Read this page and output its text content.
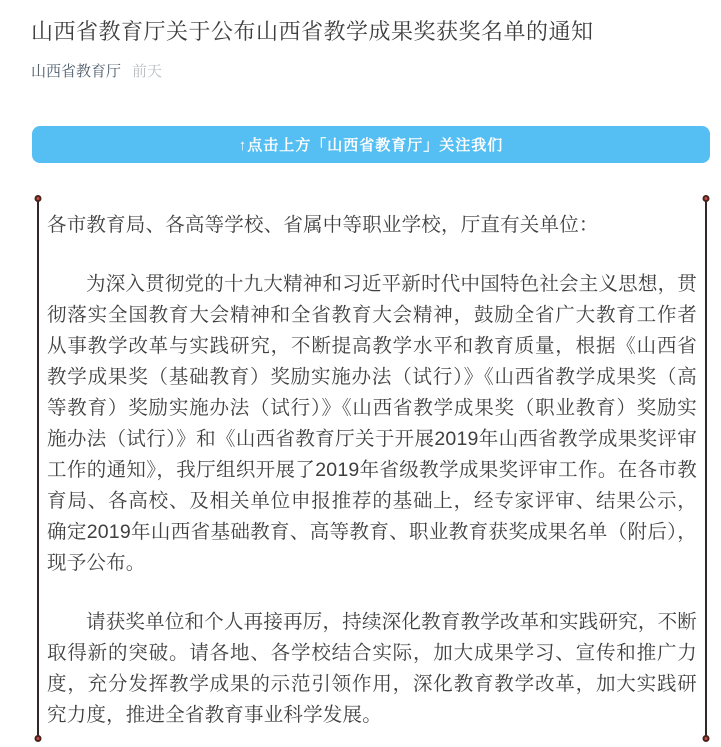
山西省教育厅关于公布山西省教学成果奖获奖名单的通知
山西省教育厅 前天
↑点击上方「山西省教育厅」关注我们

各市教育局、各高等学校、省属中等职业学校，厅直有关单位：

为深入贯彻党的十九大精神和习近平新时代中国特色社会主义思想，贯彻落实全国教育大会精神和全省教育大会精神，鼓励全省广大教育工作者从事教学改革与实践研究，不断提高教学水平和教育质量，根据《山西省教学成果奖（基础教育）奖励实施办法（试行）》《山西省教学成果奖（高等教育）奖励实施办法（试行）》《山西省教学成果奖（职业教育）奖励实施办法（试行）》和《山西省教育厅关于开展2019年山西省教学成果奖评审工作的通知》，我厅组织开展了2019年省级教学成果奖评审工作。在各市教育局、各高校、及相关单位申报推荐的基础上，经专家评审、结果公示，确定2019年山西省基础教育、高等教育、职业教育获奖成果名单（附后），现予公布。

请获奖单位和个人再接再厉，持续深化教育教学改革和实践研究，不断取得新的突破。请各地、各学校结合实际，加大成果学习、宣传和推广力度，充分发挥教学成果的示范引领作用，深化教育教学改革，加大实践研究力度，推进全省教育事业科学发展。
